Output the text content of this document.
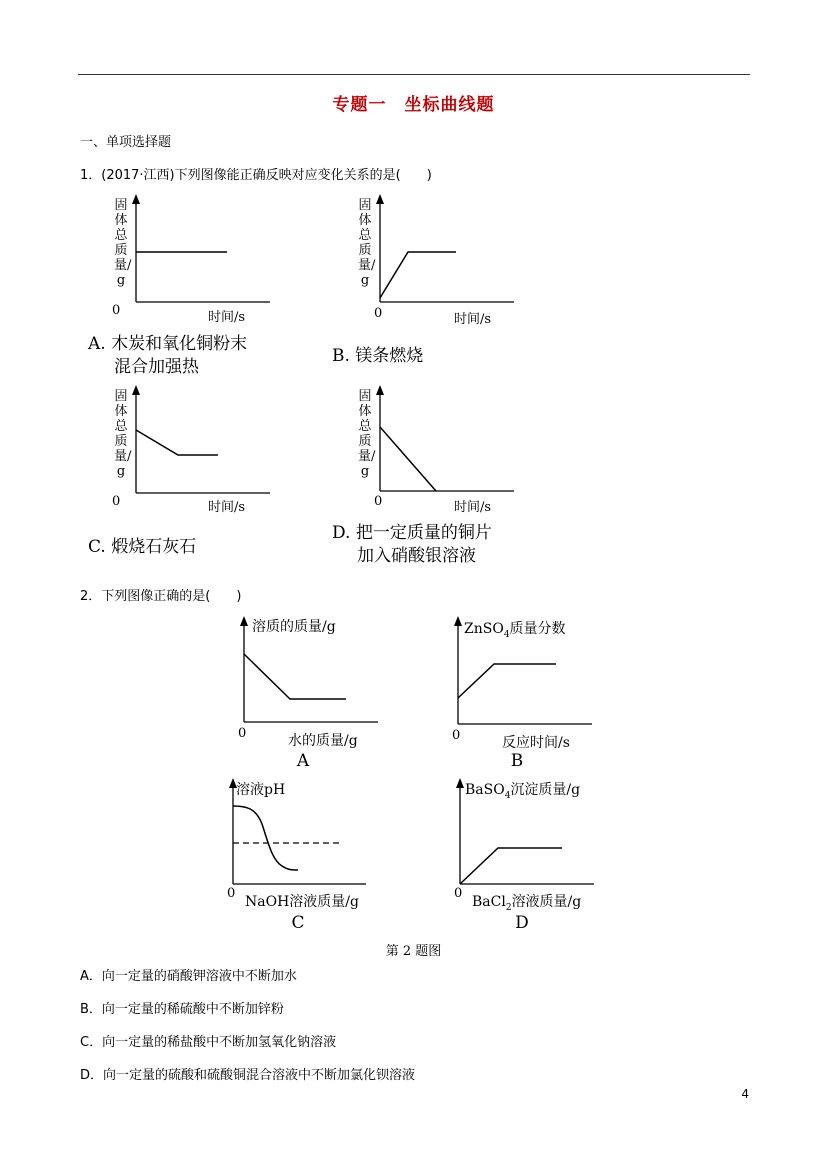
专题一　坐标曲线题
一、单项选择题
1．(2017·江西)下列图像能正确反映对应变化关系的是(　　)
固体总质量/g
0	时间/s
A. 木炭和氧化铜粉末
混合加强热
固体总质量/g
0	时间/s
B. 镁条燃烧
固体总质量/g
0	时间/s
C. 煅烧石灰石
固体总质量/g
0	时间/s
D. 把一定质量的铜片
加入硝酸银溶液
2．下列图像正确的是(　　)
溶质的质量/g
0	水的质量/g
A
ZnSO$_4$质量分数
0	反应时间/s
B
溶液pH
0
NaOH溶液质量/g
C
BaSO$_4$沉淀质量/g
0
BaCl$_2$溶液质量/g
D
第 2 题图
A．向一定量的硝酸钾溶液中不断加水
B．向一定量的稀硫酸中不断加锌粉
C．向一定量的稀盐酸中不断加氢氧化钠溶液
D．向一定量的硫酸和硫酸铜混合溶液中不断加氯化钡溶液
4
